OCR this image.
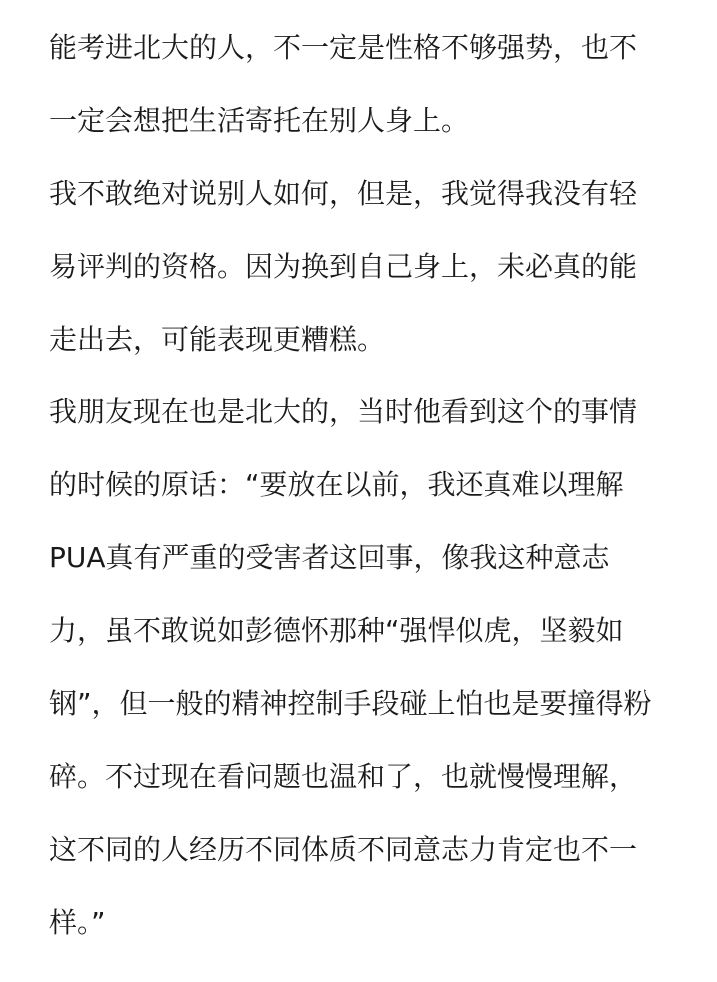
能考进北大的人，不一定是性格不够强势，也不
一定会想把生活寄托在别人身上。
我不敢绝对说别人如何，但是，我觉得我没有轻
易评判的资格。因为换到自己身上，未必真的能
走出去，可能表现更糟糕。
我朋友现在也是北大的，当时他看到这个的事情
的时候的原话：“要放在以前，我还真难以理解
PUA真有严重的受害者这回事，像我这种意志
力，虽不敢说如彭德怀那种“强悍似虎，坚毅如
钢”，但一般的精神控制手段碰上怕也是要撞得粉
碎。不过现在看问题也温和了，也就慢慢理解，
这不同的人经历不同体质不同意志力肯定也不一
样。”
